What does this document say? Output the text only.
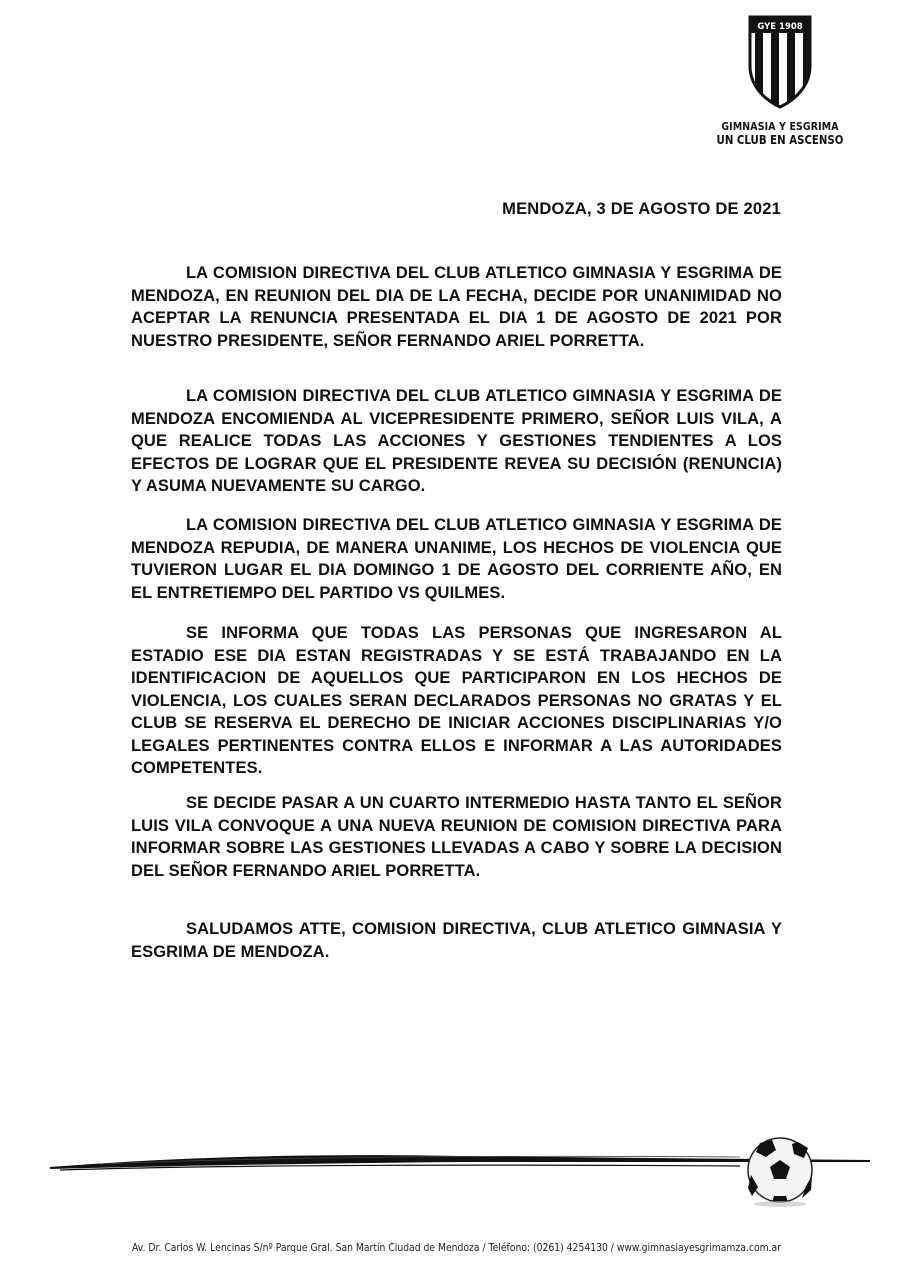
GYE 1908
GIMNASIA Y ESGRIMA
UN CLUB EN ASCENSO
MENDOZA, 3 DE AGOSTO DE 2021

LA COMISION DIRECTIVA DEL CLUB ATLETICO GIMNASIA Y ESGRIMA DE MENDOZA, EN REUNION DEL DIA DE LA FECHA, DECIDE POR UNANIMIDAD NO ACEPTAR LA RENUNCIA PRESENTADA EL DIA 1 DE AGOSTO DE 2021 POR NUESTRO PRESIDENTE, SEÑOR FERNANDO ARIEL PORRETTA.

LA COMISION DIRECTIVA DEL CLUB ATLETICO GIMNASIA Y ESGRIMA DE MENDOZA ENCOMIENDA AL VICEPRESIDENTE PRIMERO, SEÑOR LUIS VILA, A QUE REALICE TODAS LAS ACCIONES Y GESTIONES TENDIENTES A LOS EFECTOS DE LOGRAR QUE EL PRESIDENTE REVEA SU DECISIÓN (RENUNCIA) Y ASUMA NUEVAMENTE SU CARGO.

LA COMISION DIRECTIVA DEL CLUB ATLETICO GIMNASIA Y ESGRIMA DE MENDOZA REPUDIA, DE MANERA UNANIME, LOS HECHOS DE VIOLENCIA QUE TUVIERON LUGAR EL DIA DOMINGO 1 DE AGOSTO DEL CORRIENTE AÑO, EN EL ENTRETIEMPO DEL PARTIDO VS QUILMES.

SE INFORMA QUE TODAS LAS PERSONAS QUE INGRESARON AL ESTADIO ESE DIA ESTAN REGISTRADAS Y SE ESTÁ TRABAJANDO EN LA IDENTIFICACION DE AQUELLOS QUE PARTICIPARON EN LOS HECHOS DE VIOLENCIA, LOS CUALES SERAN DECLARADOS PERSONAS NO GRATAS Y EL CLUB SE RESERVA EL DERECHO DE INICIAR ACCIONES DISCIPLINARIAS Y/O LEGALES PERTINENTES CONTRA ELLOS E INFORMAR A LAS AUTORIDADES COMPETENTES.

SE DECIDE PASAR A UN CUARTO INTERMEDIO HASTA TANTO EL SEÑOR LUIS VILA CONVOQUE A UNA NUEVA REUNION DE COMISION DIRECTIVA PARA INFORMAR SOBRE LAS GESTIONES LLEVADAS A CABO Y SOBRE LA DECISION DEL SEÑOR FERNANDO ARIEL PORRETTA.

SALUDAMOS ATTE, COMISION DIRECTIVA, CLUB ATLETICO GIMNASIA Y ESGRIMA DE MENDOZA.

Av. Dr. Carlos W. Lencinas S/nº Parque Gral. San Martín Ciudad de Mendoza / Teléfono: (0261) 4254130 / www.gimnasiayesgrimamza.com.ar
